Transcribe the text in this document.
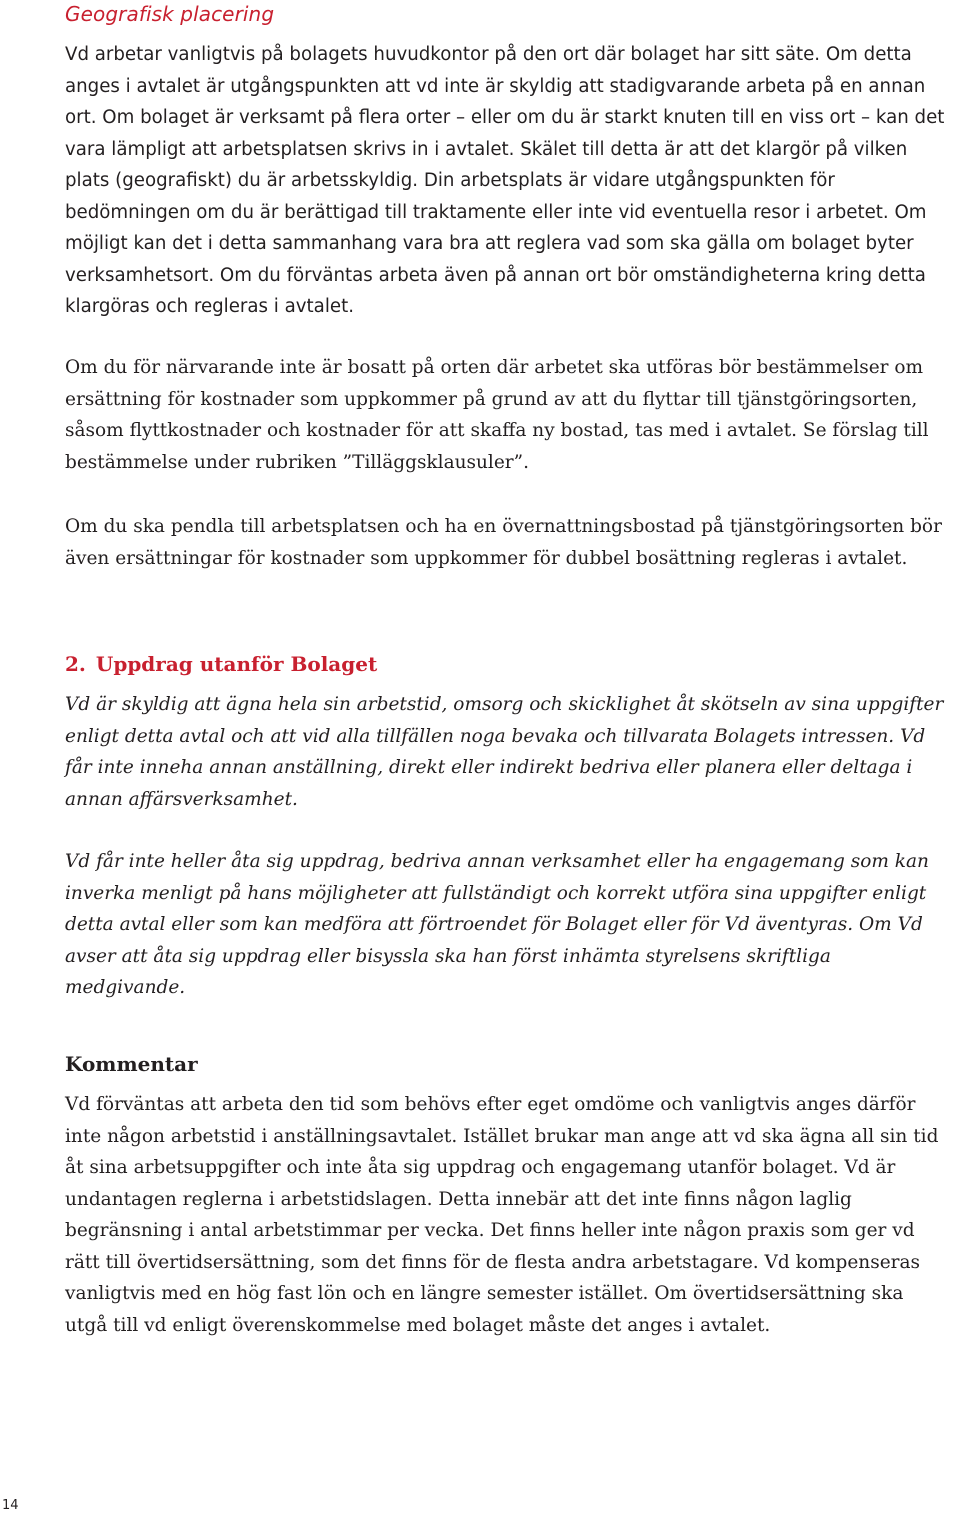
Geografisk placering

Vd arbetar vanligtvis på bolagets huvudkontor på den ort där bolaget har sitt säte. Om detta anges i avtalet är utgångspunkten att vd inte är skyldig att stadigvarande arbeta på en annan ort. Om bolaget är verksamt på flera orter – eller om du är starkt knuten till en viss ort – kan det vara lämpligt att arbetsplatsen skrivs in i avtalet. Skälet till detta är att det klargör på vilken plats (geografiskt) du är arbetsskyldig. Din arbetsplats är vidare utgångspunkten för bedömningen om du är berättigad till traktamente eller inte vid eventuella resor i arbetet. Om möjligt kan det i detta sammanhang vara bra att reglera vad som ska gälla om bolaget byter verksamhetsort. Om du förväntas arbeta även på annan ort bör omständigheterna kring detta klargöras och regleras i avtalet.

Om du för närvarande inte är bosatt på orten där arbetet ska utföras bör bestämmelser om ersättning för kostnader som uppkommer på grund av att du flyttar till tjänstgöringsorten, såsom flyttkostnader och kostnader för att skaffa ny bostad, tas med i avtalet. Se förslag till bestämmelse under rubriken ”Tilläggsklausuler”.

Om du ska pendla till arbetsplatsen och ha en övernattningsbostad på tjänstgöringsorten bör även ersättningar för kostnader som uppkommer för dubbel bosättning regleras i avtalet.

2. Uppdrag utanför Bolaget

Vd är skyldig att ägna hela sin arbetstid, omsorg och skicklighet åt skötseln av sina uppgifter enligt detta avtal och att vid alla tillfällen noga bevaka och tillvarata Bolagets intressen. Vd får inte inneha annan anställning, direkt eller indirekt bedriva eller planera eller deltaga i annan affärsverksamhet.

Vd får inte heller åta sig uppdrag, bedriva annan verksamhet eller ha engagemang som kan inverka menligt på hans möjligheter att fullständigt och korrekt utföra sina uppgifter enligt detta avtal eller som kan medföra att förtroendet för Bolaget eller för Vd äventyras. Om Vd avser att åta sig uppdrag eller bisyssla ska han först inhämta styrelsens skriftliga medgivande.

Kommentar

Vd förväntas att arbeta den tid som behövs efter eget omdöme och vanligtvis anges därför inte någon arbetstid i anställningsavtalet. Istället brukar man ange att vd ska ägna all sin tid åt sina arbetsuppgifter och inte åta sig uppdrag och engagemang utanför bolaget. Vd är undantagen reglerna i arbetstidslagen. Detta innebär att det inte finns någon laglig begränsning i antal arbetstimmar per vecka. Det finns heller inte någon praxis som ger vd rätt till övertidsersättning, som det finns för de flesta andra arbetstagare. Vd kompenseras vanligtvis med en hög fast lön och en längre semester istället. Om övertidsersättning ska utgå till vd enligt överenskommelse med bolaget måste det anges i avtalet.

14
